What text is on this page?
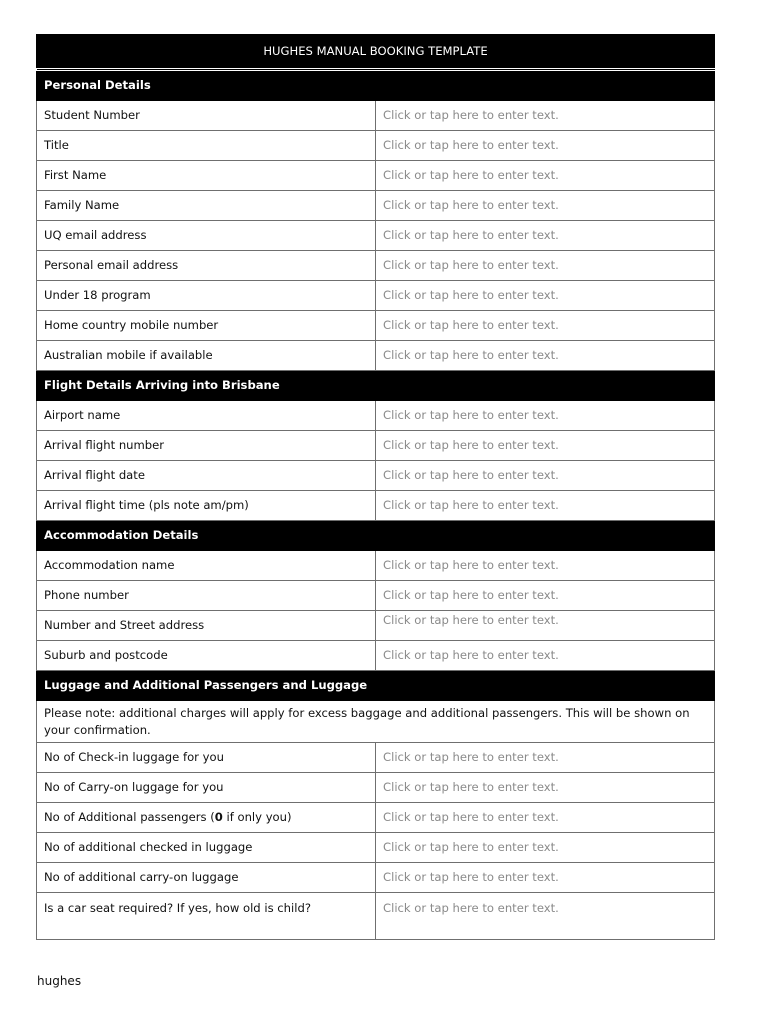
HUGHES MANUAL BOOKING TEMPLATE	
Personal Details	
Student Number	Click or tap here to enter text.
Title	Click or tap here to enter text.
First Name	Click or tap here to enter text.
Family Name	Click or tap here to enter text.
UQ email address	Click or tap here to enter text.
Personal email address	Click or tap here to enter text.
Under 18 program	Click or tap here to enter text.
Home country mobile number	Click or tap here to enter text.
Australian mobile if available	Click or tap here to enter text.
Flight Details Arriving into Brisbane	
Airport name	Click or tap here to enter text.
Arrival flight number	Click or tap here to enter text.
Arrival flight date	Click or tap here to enter text.
Arrival flight time (pls note am/pm)	Click or tap here to enter text.
Accommodation Details	
Accommodation name	Click or tap here to enter text.
Phone number	Click or tap here to enter text.
Number and Street address	Click or tap here to enter text.
Suburb and postcode	Click or tap here to enter text.
Luggage and Additional Passengers and Luggage	
Please note: additional charges will apply for excess baggage and additional passengers. This will be shown on your confirmation.	
No of Check-in luggage for you	Click or tap here to enter text.
No of Carry-on luggage for you	Click or tap here to enter text.
No of Additional passengers (0 if only you)	Click or tap here to enter text.
No of additional checked in luggage	Click or tap here to enter text.
No of additional carry-on luggage	Click or tap here to enter text.
Is a car seat required? If yes, how old is child?	Click or tap here to enter text.
hughes
